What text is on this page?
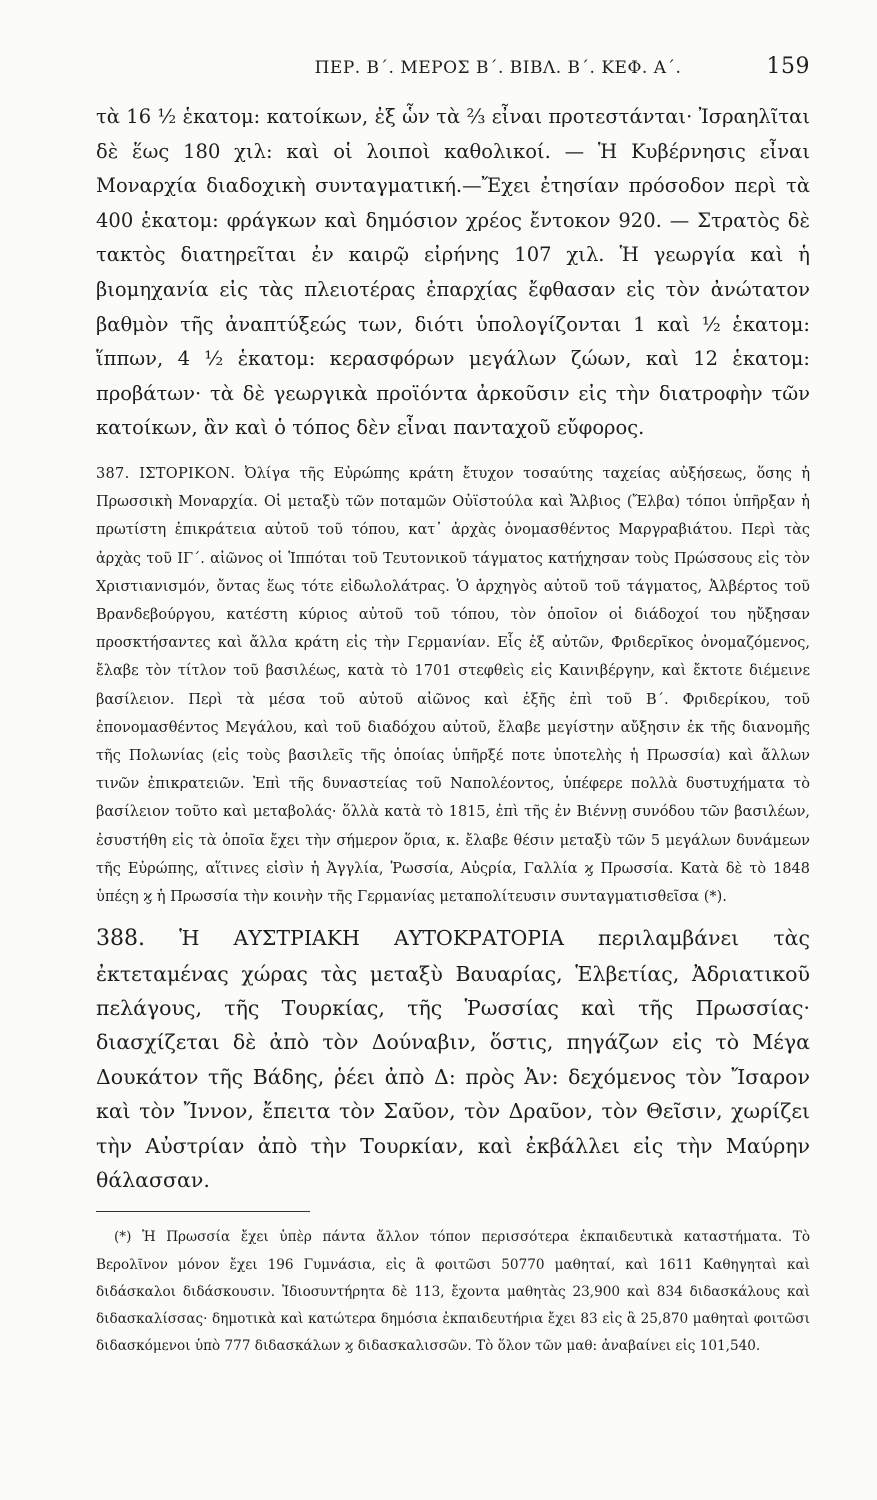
ΠΕΡ. Β΄. ΜΕΡΟΣ Β΄. ΒΙΒΛ. Β΄. ΚΕΦ. Α΄.	159

τὰ 16 ½ ἑκατομ: κατοίκων, ἐξ ὧν τὰ ⅔ εἶναι προτεστάνται· Ἰσραηλῖται δὲ ἕως 180 χιλ: καὶ οἱ λοιποὶ καθολικοί. — Ἡ Κυβέρνησις εἶναι Μοναρχία διαδοχικὴ συνταγματική.—Ἔχει ἐτησίαν πρόσοδον περὶ τὰ 400 ἑκατομ: φράγκων καὶ δημόσιον χρέος ἔντοκον 920. — Στρατὸς δὲ τακτὸς διατηρεῖται ἐν καιρῷ εἰρήνης 107 χιλ. Ἡ γεωργία καὶ ἡ βιομηχανία εἰς τὰς πλειοτέρας ἐπαρχίας ἔφθασαν εἰς τὸν ἀνώτατον βαθμὸν τῆς ἀναπτύξεώς των, διότι ὑπολογίζονται 1 καὶ ½ ἑκατομ: ἵππων, 4 ½ ἑκατομ: κερασφόρων μεγάλων ζώων, καὶ 12 ἑκατομ: προβάτων· τὰ δὲ γεωργικὰ προϊόντα ἀρκοῦσιν εἰς τὴν διατροφὴν τῶν κατοίκων, ἂν καὶ ὁ τόπος δὲν εἶναι πανταχοῦ εὔφορος.

387. ΙΣΤΟΡΙΚΟΝ. Ὀλίγα τῆς Εὐρώπης κράτη ἔτυχον τοσαύτης ταχείας αὐξήσεως, ὅσης ἡ Πρωσσικὴ Μοναρχία. Οἱ μεταξὺ τῶν ποταμῶν Οὐϊστούλα καὶ Ἄλβιος (Ἔλβα) τόποι ὑπῆρξαν ἡ πρωτίστη ἐπικράτεια αὐτοῦ τοῦ τόπου, κατ᾽ ἀρχὰς ὀνομασθέντος Μαργραβιάτου. Περὶ τὰς ἀρχὰς τοῦ ΙΓ΄. αἰῶνος οἱ Ἱππόται τοῦ Τευτονικοῦ τάγματος κατήχησαν τοὺς Πρώσσους εἰς τὸν Χριστιανισμόν, ὄντας ἕως τότε εἰδωλολάτρας. Ὁ ἀρχηγὸς αὐτοῦ τοῦ τάγματος, Ἀλβέρτος τοῦ Βρανδεβούργου, κατέστη κύριος αὐτοῦ τοῦ τόπου, τὸν ὁποῖον οἱ διάδοχοί του ηὔξησαν προσκτήσαντες καὶ ἄλλα κράτη εἰς τὴν Γερμανίαν. Εἷς ἐξ αὐτῶν, Φριδερῖκος ὀνομαζόμενος, ἔλαβε τὸν τίτλον τοῦ βασιλέως, κατὰ τὸ 1701 στεφθεὶς εἰς Καινιβέργην, καὶ ἔκτοτε διέμεινε βασίλειον. Περὶ τὰ μέσα τοῦ αὐτοῦ αἰῶνος καὶ ἐξῆς ἐπὶ τοῦ Β΄. Φριδερίκου, τοῦ ἐπονομασθέντος Μεγάλου, καὶ τοῦ διαδόχου αὐτοῦ, ἔλαβε μεγίστην αὔξησιν ἐκ τῆς διανομῆς τῆς Πολωνίας (εἰς τοὺς βασιλεῖς τῆς ὁποίας ὑπῆρξέ ποτε ὑποτελὴς ἡ Πρωσσία) καὶ ἄλλων τινῶν ἐπικρατειῶν. Ἐπὶ τῆς δυναστείας τοῦ Ναπολέοντος, ὑπέφερε πολλὰ δυστυχήματα τὸ βασίλειον τοῦτο καὶ μεταβολάς· ὅλλὰ κατὰ τὸ 1815, ἐπὶ τῆς ἐν Βιέννῃ συνόδου τῶν βασιλέων, ἐσυστήθη εἰς τὰ ὁποῖα ἔχει τὴν σήμερον ὅρια, κ. ἔλαβε θέσιν μεταξὺ τῶν 5 μεγάλων δυνάμεων τῆς Εὐρώπης, αἵτινες εἰσὶν ἡ Ἀγγλία, Ῥωσσία, Αὐςρία, Γαλλία ϗ Πρωσσία. Κατὰ δὲ τὸ 1848 ὑπέςη ϗ ἡ Πρωσσία τὴν κοινὴν τῆς Γερμανίας μεταπολίτευσιν συνταγματισθεῖσα (*).

388. Ἡ ΑΥΣΤΡΙΑΚΗ ΑΥΤΟΚΡΑΤΟΡΙΑ περιλαμβάνει τὰς ἐκτεταμένας χώρας τὰς μεταξὺ Βαυαρίας, Ἑλβετίας, Ἀδριατικοῦ πελάγους, τῆς Τουρκίας, τῆς Ῥωσσίας καὶ τῆς Πρωσσίας· διασχίζεται δὲ ἀπὸ τὸν Δούναβιν, ὅστις, πηγάζων εἰς τὸ Μέγα Δουκάτον τῆς Βάδης, ῥέει ἀπὸ Δ: πρὸς Ἀν: δεχόμενος τὸν Ἴσαρον καὶ τὸν Ἴννον, ἔπειτα τὸν Σαῦον, τὸν Δραῦον, τὸν Θεῖσιν, χωρίζει τὴν Αὐστρίαν ἀπὸ τὴν Τουρκίαν, καὶ ἐκβάλλει εἰς τὴν Μαύρην θάλασσαν.

(*) Ἡ Πρωσσία ἔχει ὑπὲρ πάντα ἄλλον τόπον περισσότερα ἐκπαιδευτικὰ καταστήματα. Τὸ Βερολῖνον μόνον ἔχει 196 Γυμνάσια, εἰς ἃ φοιτῶσι 50770 μαθηταί, καὶ 1611 Καθηγηταὶ καὶ διδάσκαλοι διδάσκουσιν. Ἰδιοσυντήρητα δὲ 113, ἔχοντα μαθητὰς 23,900 καὶ 834 διδασκάλους καὶ διδασκαλίσσας· δημοτικὰ καὶ κατώτερα δημόσια ἐκπαιδευτήρια ἔχει 83 εἰς ἃ 25,870 μαθηταὶ φοιτῶσι διδασκόμενοι ὑπὸ 777 διδασκάλων ϗ διδασκαλισσῶν. Τὸ ὅλον τῶν μαθ: ἀναβαίνει εἰς 101,540.
